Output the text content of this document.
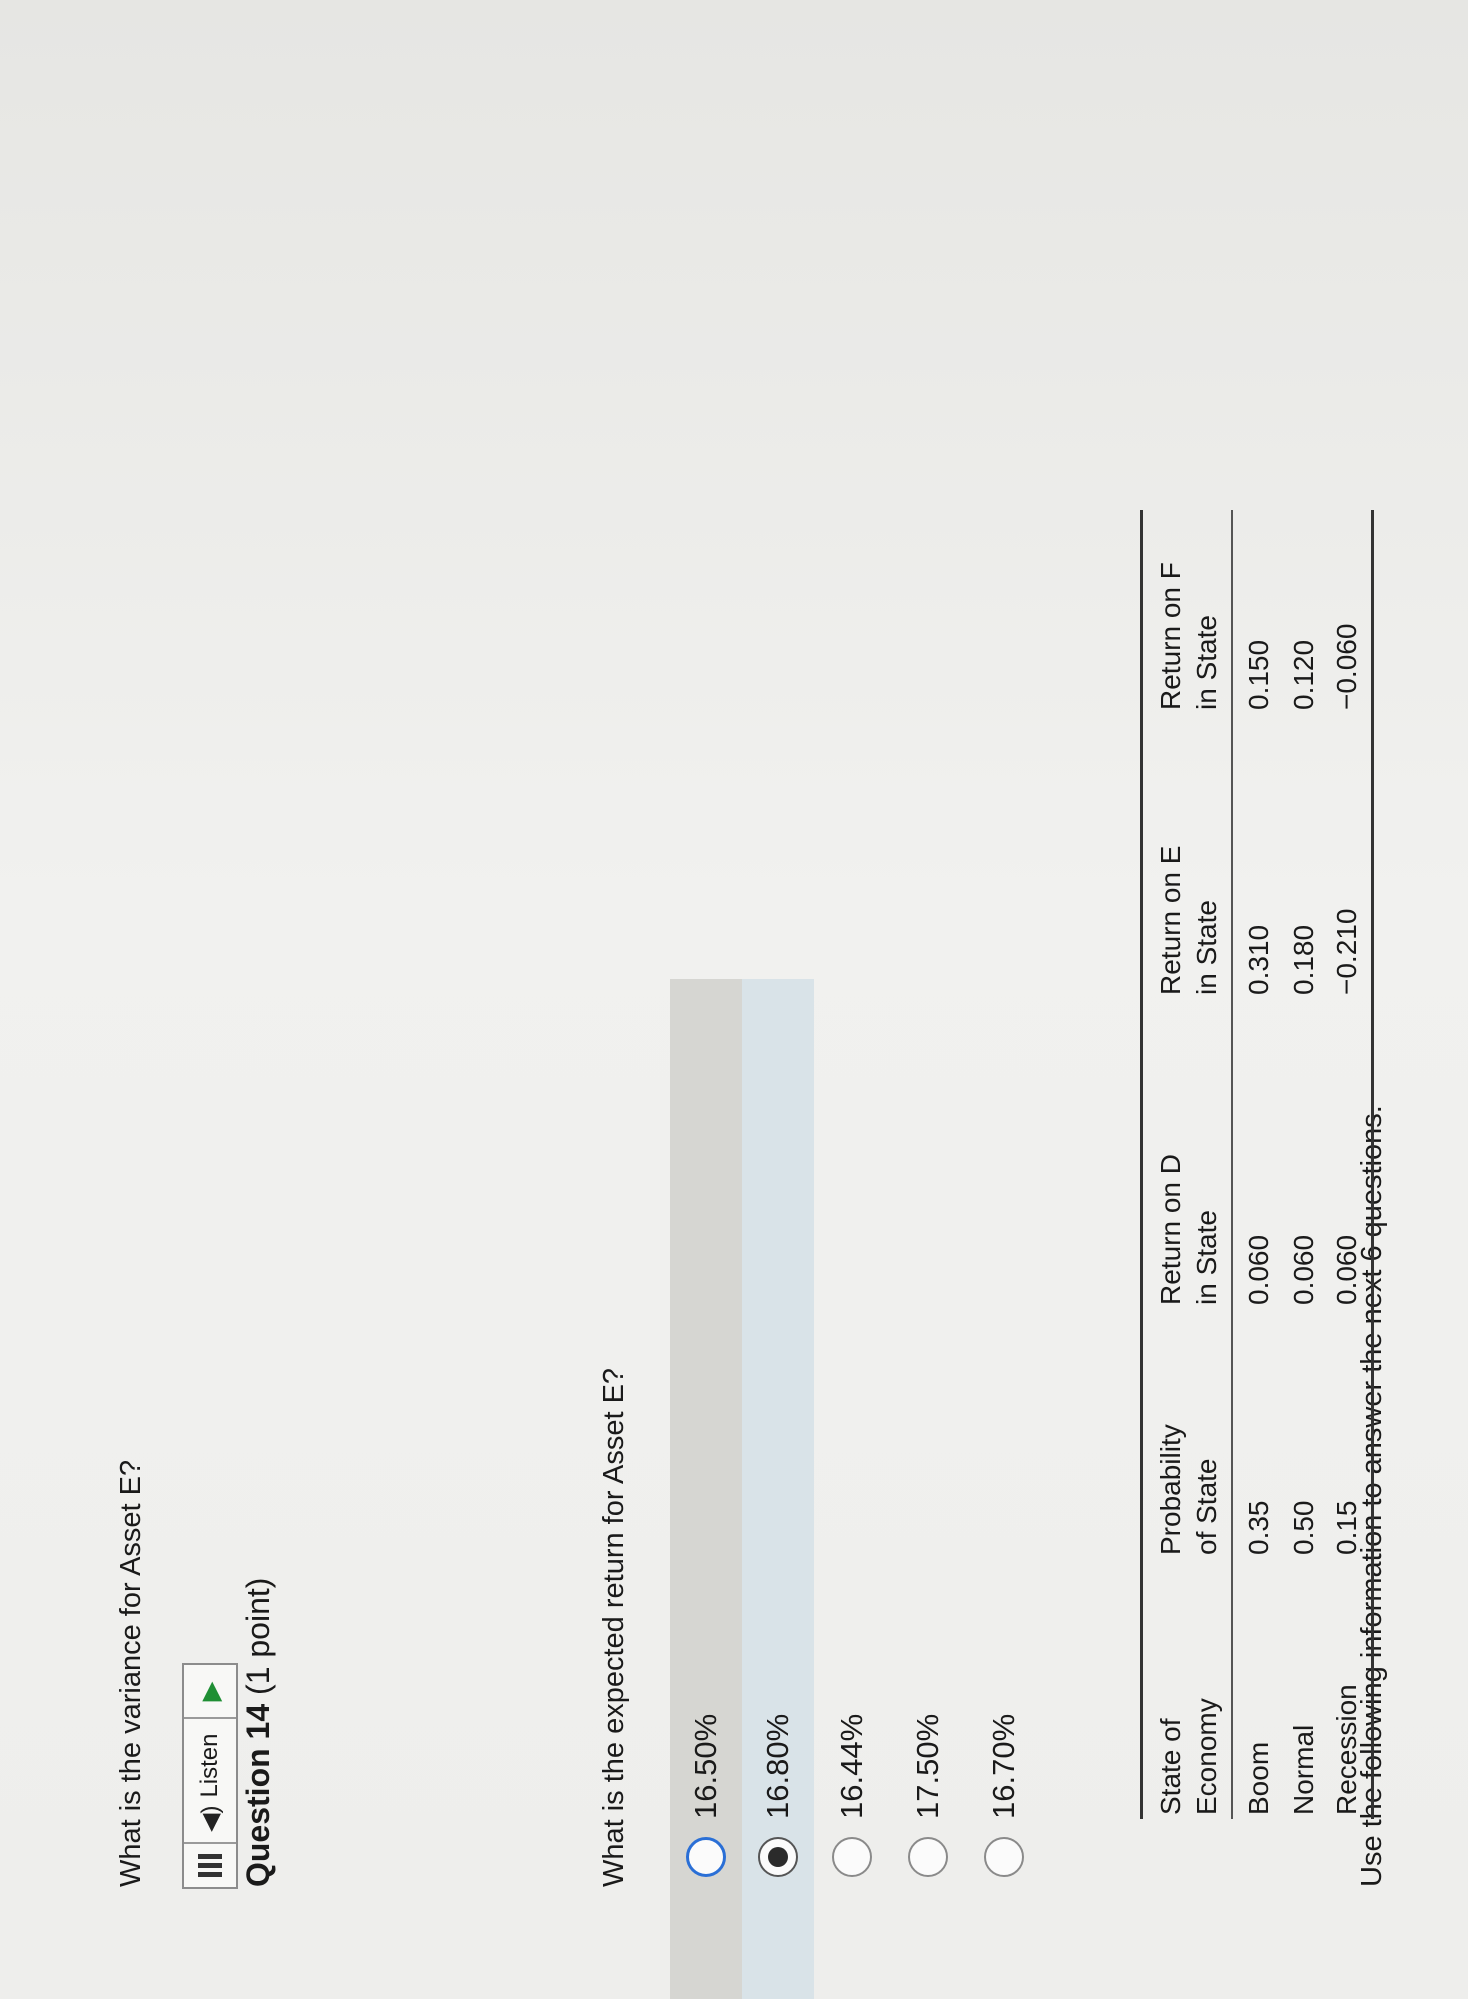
Use the following information to answer the next 6 questions.
State of Economy	Probability of State	Return on D in State	Return on E in State	Return on F in State
Boom	0.35	0.060	0.310	0.150
Normal	0.50	0.060	0.180	0.120
Recession	0.15	0.060	−0.210	−0.060
What is the expected return for Asset E? 16.50% 16.80% 16.44% 17.50% 16.70%
Question 14 (1 point)
◀)
Listen
▶
What is the variance for Asset E?
